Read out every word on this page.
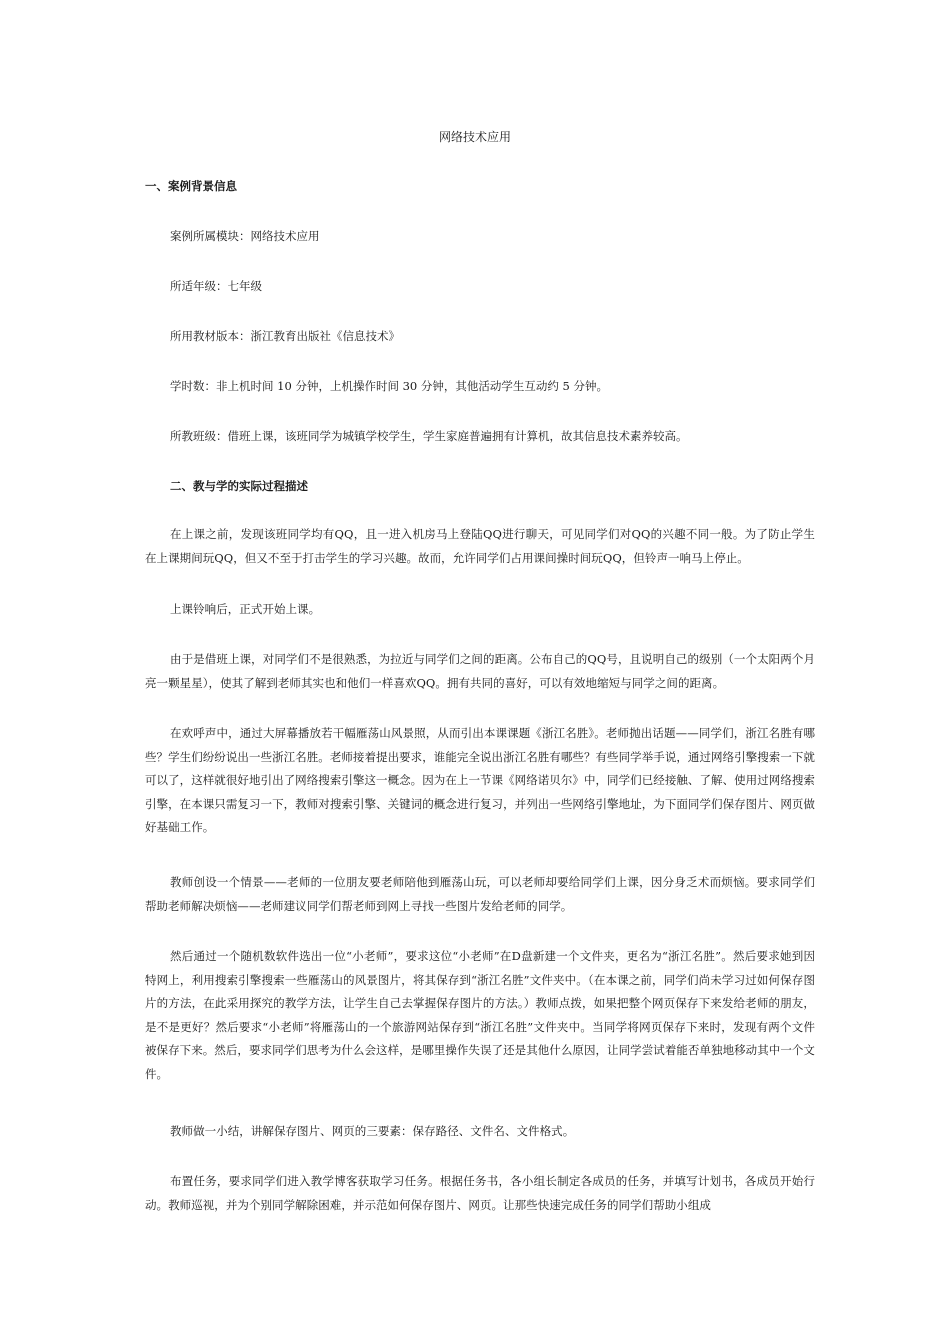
网络技术应用
一、案例背景信息
案例所属模块：网络技术应用
所适年级：七年级
所用教材版本：浙江教育出版社《信息技术》
学时数：非上机时间 10 分钟，上机操作时间 30 分钟，其他活动学生互动约 5 分钟。
所教班级：借班上课，该班同学为城镇学校学生，学生家庭普遍拥有计算机，故其信息技术素养较高。
二、教与学的实际过程描述

在上课之前，发现该班同学均有QQ，且一进入机房马上登陆QQ进行聊天，可见同学们对QQ的兴趣不同一般。为了防止学生在上课期间玩QQ，但又不至于打击学生的学习兴趣。故而，允许同学们占用课间操时间玩QQ，但铃声一响马上停止。

上课铃响后，正式开始上课。

由于是借班上课，对同学们不是很熟悉，为拉近与同学们之间的距离。公布自己的QQ号，且说明自己的级别（一个太阳两个月亮一颗星星），使其了解到老师其实也和他们一样喜欢QQ。拥有共同的喜好，可以有效地缩短与同学之间的距离。

在欢呼声中，通过大屏幕播放若干幅雁荡山风景照，从而引出本课课题《浙江名胜》。老师抛出话题——同学们，浙江名胜有哪些？学生们纷纷说出一些浙江名胜。老师接着提出要求，谁能完全说出浙江名胜有哪些？有些同学举手说，通过网络引擎搜索一下就可以了，这样就很好地引出了网络搜索引擎这一概念。因为在上一节课《网络诺贝尔》中，同学们已经接触、了解、使用过网络搜索引擎，在本课只需复习一下，教师对搜索引擎、关键词的概念进行复习，并列出一些网络引擎地址，为下面同学们保存图片、网页做好基础工作。

教师创设一个情景——老师的一位朋友要老师陪他到雁荡山玩，可以老师却要给同学们上课，因分身乏术而烦恼。要求同学们帮助老师解决烦恼——老师建议同学们帮老师到网上寻找一些图片发给老师的同学。

然后通过一个随机数软件选出一位“小老师”，要求这位“小老师”在D盘新建一个文件夹，更名为“浙江名胜”。然后要求她到因特网上，利用搜索引擎搜索一些雁荡山的风景图片，将其保存到“浙江名胜”文件夹中。（在本课之前，同学们尚未学习过如何保存图片的方法，在此采用探究的教学方法，让学生自己去掌握保存图片的方法。）教师点拨，如果把整个网页保存下来发给老师的朋友，是不是更好？然后要求“小老师”将雁荡山的一个旅游网站保存到“浙江名胜”文件夹中。当同学将网页保存下来时，发现有两个文件被保存下来。然后，要求同学们思考为什么会这样，是哪里操作失误了还是其他什么原因，让同学尝试着能否单独地移动其中一个文件。

教师做一小结，讲解保存图片、网页的三要素：保存路径、文件名、文件格式。

布置任务，要求同学们进入教学博客获取学习任务。根据任务书，各小组长制定各成员的任务，并填写计划书，各成员开始行动。教师巡视，并为个别同学解除困难，并示范如何保存图片、网页。让那些快速完成任务的同学们帮助小组成
